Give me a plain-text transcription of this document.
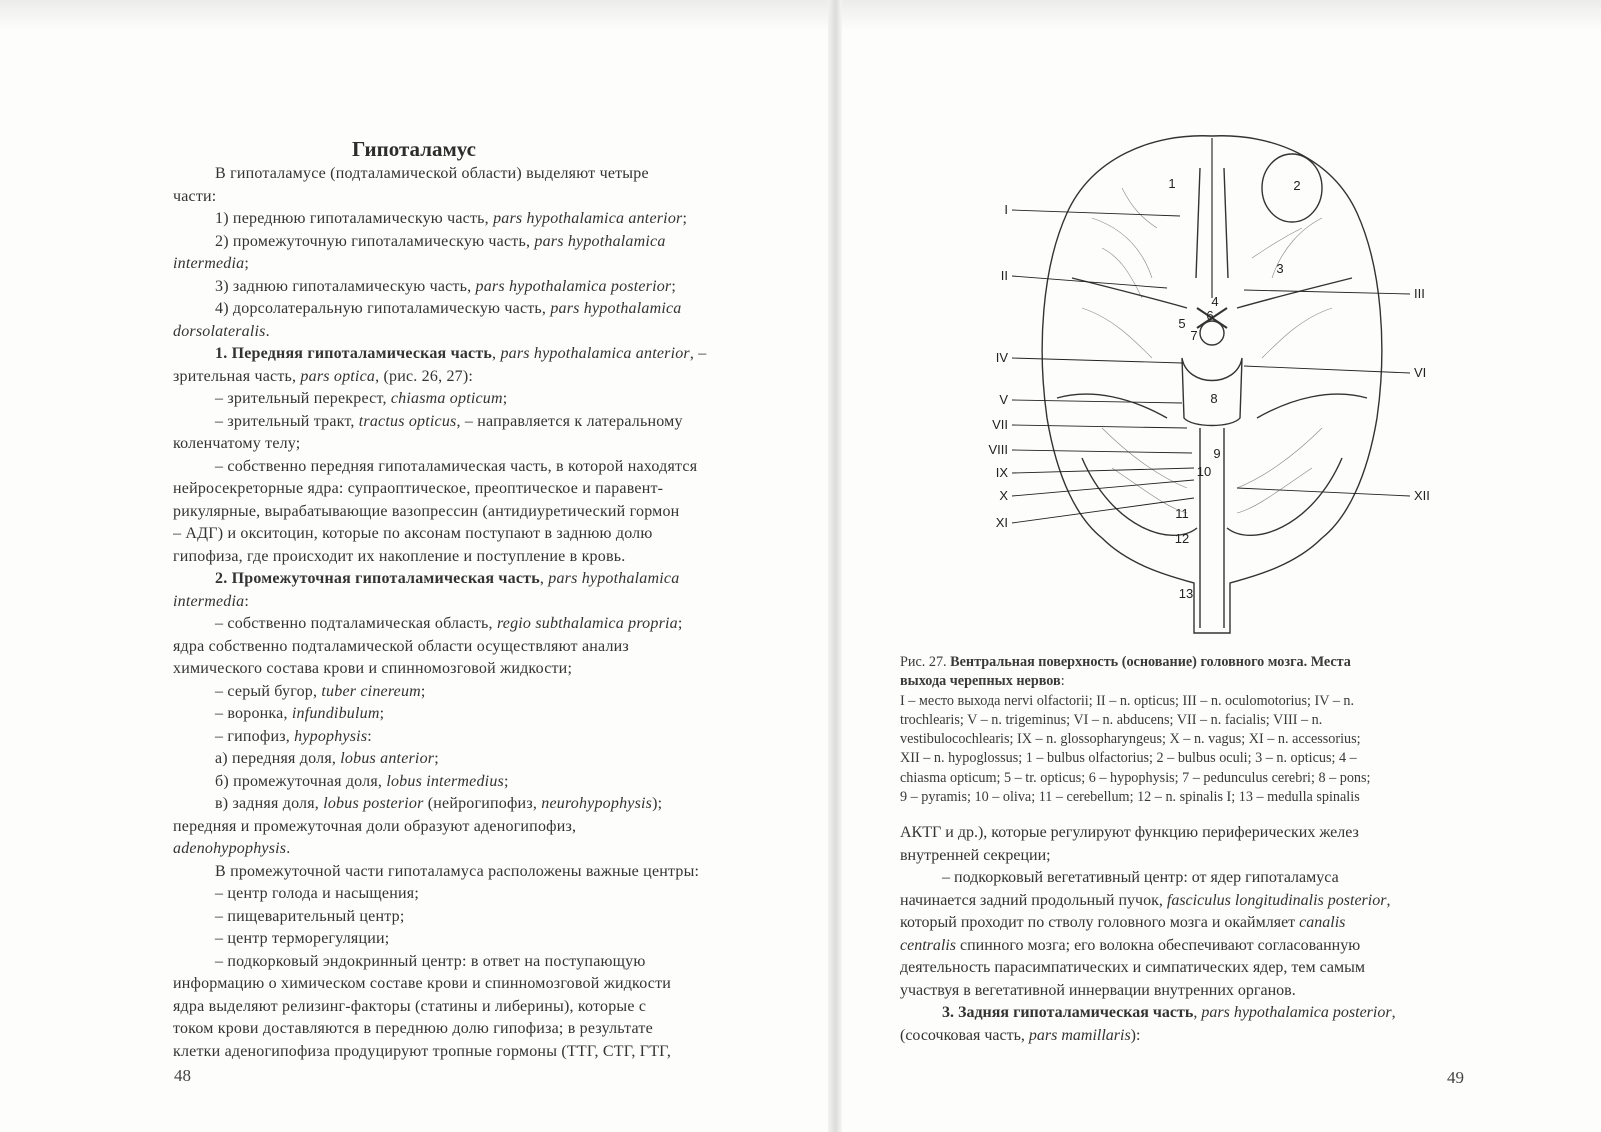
Гипоталамус

В гипоталамусе (подталамической области) выделяют четыре

части:

1) переднюю гипоталамическую часть, pars hypothalamica anterior;

2) промежуточную гипоталамическую часть, pars hypothalamica

intermedia;

3) заднюю гипоталамическую часть, pars hypothalamica posterior;

4) дорсолатеральную гипоталамическую часть, pars hypothalamica

dorsolateralis.

1. Передняя гипоталамическая часть, pars hypothalamica anterior, –

зрительная часть, pars optica, (рис. 26, 27):

– зрительный перекрест, chiasma opticum;

– зрительный тракт, tractus opticus, – направляется к латеральному

коленчатому телу;

– собственно передняя гипоталамическая часть, в которой находятся

нейросекреторные ядра: супраоптическое, преоптическое и паравент-

рикулярные, вырабатывающие вазопрессин (антидиуретический гормон

– АДГ) и окситоцин, которые по аксонам поступают в заднюю долю

гипофиза, где происходит их накопление и поступление в кровь.

2. Промежуточная гипоталамическая часть, pars hypothalamica

intermedia:

– собственно подталамическая область, regio subthalamica propria;

ядра собственно подталамической области осуществляют анализ

химического состава крови и спинномозговой жидкости;

– серый бугор, tuber cinereum;

– воронка, infundibulum;

– гипофиз, hypophysis:

а) передняя доля, lobus anterior;

б) промежуточная доля, lobus intermedius;

в) задняя доля, lobus posterior (нейрогипофиз, neurohypophysis);

передняя и промежуточная доли образуют аденогипофиз,

adenohypophysis.

В промежуточной части гипоталамуса расположены важные центры:

– центр голода и насыщения;

– пищеварительный центр;

– центр терморегуляции;

– подкорковый эндокринный центр: в ответ на поступающую

информацию о химическом составе крови и спинномозговой жидкости

ядра выделяют релизинг-факторы (статины и либерины), которые с

током крови доставляются в переднюю долю гипофиза; в результате

клетки аденогипофиза продуцируют тропные гормоны (ТТГ, СТГ, ГТГ,

48
I
II
IV
V
VII
VIII
IX
X
XI
III
VI
XII
1	2
3
4
5
6
7
8
9
10
11
12
13

Рис. 27. Вентральная поверхность (основание) головного мозга. Места

выхода черепных нервов:

I – место выхода nervi olfactorii; II – n. opticus; III – n. oculomotorius; IV – n.

trochlearis; V – n. trigeminus; VI – n. abducens; VII – n. facialis; VIII – n.

vestibulocochlearis; IX – n. glossopharyngeus; X – n. vagus; XI – n. accessorius;

XII – n. hypoglossus; 1 – bulbus olfactorius; 2 – bulbus oculi; 3 – n. opticus; 4 –

chiasma opticum; 5 – tr. opticus; 6 – hypophysis; 7 – pedunculus cerebri; 8 – pons;

9 – pyramis; 10 – oliva; 11 – cerebellum; 12 – n. spinalis I; 13 – medulla spinalis

АКТГ и др.), которые регулируют функцию периферических желез

внутренней секреции;

– подкорковый вегетативный центр: от ядер гипоталамуса

начинается задний продольный пучок, fasciculus longitudinalis posterior,

который проходит по стволу головного мозга и окаймляет canalis

centralis спинного мозга; его волокна обеспечивают согласованную

деятельность парасимпатических и симпатических ядер, тем самым

участвуя в вегетативной иннервации внутренних органов.

3. Задняя гипоталамическая часть, pars hypothalamica posterior,

(сосочковая часть, pars mamillaris):

49
